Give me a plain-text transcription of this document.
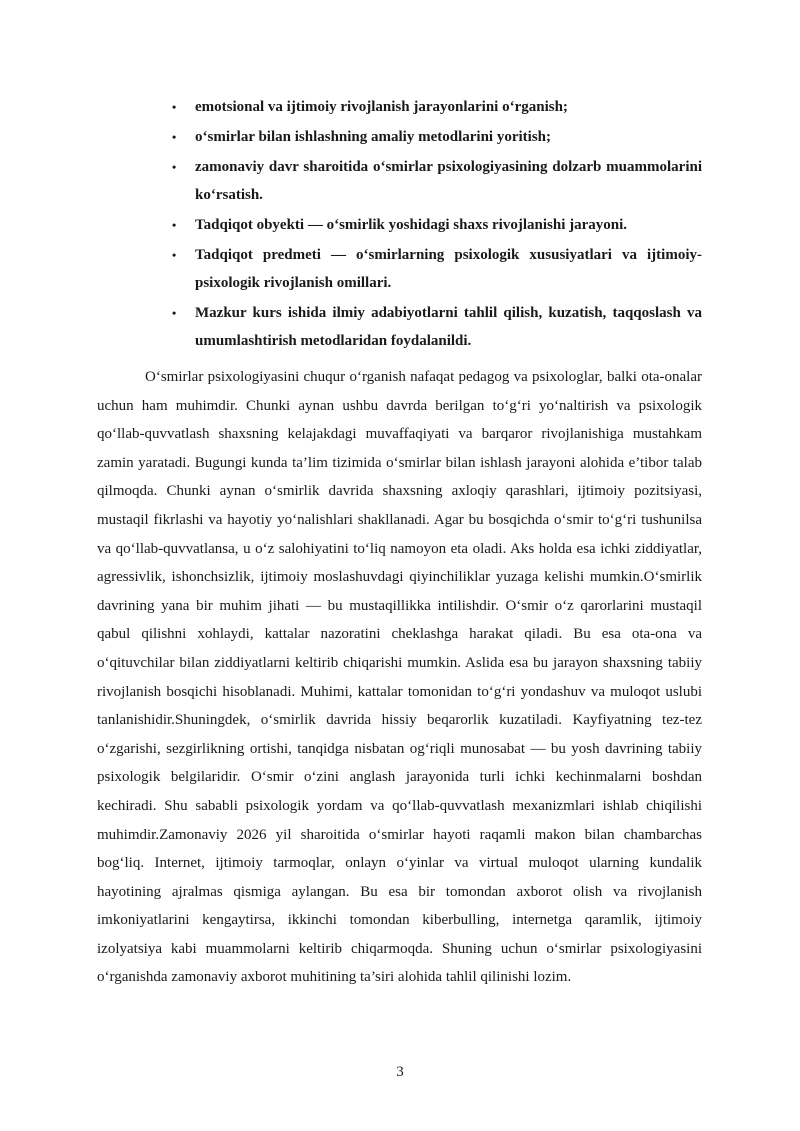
• emotsional va ijtimoiy rivojlanish jarayonlarini o‘rganish;
• o‘smirlar bilan ishlashning amaliy metodlarini yoritish;
• zamonaviy davr sharoitida o‘smirlar psixologiyasining dolzarb muammolarini ko‘rsatish.
• Tadqiqot obyekti — o‘smirlik yoshidagi shaxs rivojlanishi jarayoni.
• Tadqiqot predmeti — o‘smirlarning psixologik xususiyatlari va ijtimoiy-psixologik rivojlanish omillari.
• Mazkur kurs ishida ilmiy adabiyotlarni tahlil qilish, kuzatish, taqqoslash va umumlashtirish metodlaridan foydalanildi.

O‘smirlar psixologiyasini chuqur o‘rganish nafaqat pedagog va psixologlar, balki ota-onalar uchun ham muhimdir. Chunki aynan ushbu davrda berilgan to‘g‘ri yo‘naltirish va psixologik qo‘llab-quvvatlash shaxsning kelajakdagi muvaffaqiyati va barqaror rivojlanishiga mustahkam zamin yaratadi. Bugungi kunda ta’lim tizimida o‘smirlar bilan ishlash jarayoni alohida e’tibor talab qilmoqda. Chunki aynan o‘smirlik davrida shaxsning axloqiy qarashlari, ijtimoiy pozitsiyasi, mustaqil fikrlashi va hayotiy yo‘nalishlari shakllanadi. Agar bu bosqichda o‘smir to‘g‘ri tushunilsa va qo‘llab-quvvatlansa, u o‘z salohiyatini to‘liq namoyon eta oladi. Aks holda esa ichki ziddiyatlar, agressivlik, ishonchsizlik, ijtimoiy moslashuvdagi qiyinchiliklar yuzaga kelishi mumkin.O‘smirlik davrining yana bir muhim jihati — bu mustaqillikka intilishdir. O‘smir o‘z qarorlarini mustaqil qabul qilishni xohlaydi, kattalar nazoratini cheklashga harakat qiladi. Bu esa ota-ona va o‘qituvchilar bilan ziddiyatlarni keltirib chiqarishi mumkin. Aslida esa bu jarayon shaxsning tabiiy rivojlanish bosqichi hisoblanadi. Muhimi, kattalar tomonidan to‘g‘ri yondashuv va muloqot uslubi tanlanishidir.Shuningdek, o‘smirlik davrida hissiy beqarorlik kuzatiladi. Kayfiyatning tez-tez o‘zgarishi, sezgirlikning ortishi, tanqidga nisbatan og‘riqli munosabat — bu yosh davrining tabiiy psixologik belgilaridir. O‘smir o‘zini anglash jarayonida turli ichki kechinmalarni boshdan kechiradi. Shu sababli psixologik yordam va qo‘llab-quvvatlash mexanizmlari ishlab chiqilishi muhimdir.Zamonaviy 2026 yil sharoitida o‘smirlar hayoti raqamli makon bilan chambarchas bog‘liq. Internet, ijtimoiy tarmoqlar, onlayn o‘yinlar va virtual muloqot ularning kundalik hayotining ajralmas qismiga aylangan. Bu esa bir tomondan axborot olish va rivojlanish imkoniyatlarini kengaytirsa, ikkinchi tomondan kiberbulling, internetga qaramlik, ijtimoiy izolyatsiya kabi muammolarni keltirib chiqarmoqda. Shuning uchun o‘smirlar psixologiyasini o‘rganishda zamonaviy axborot muhitining ta’siri alohida tahlil qilinishi lozim.

3
